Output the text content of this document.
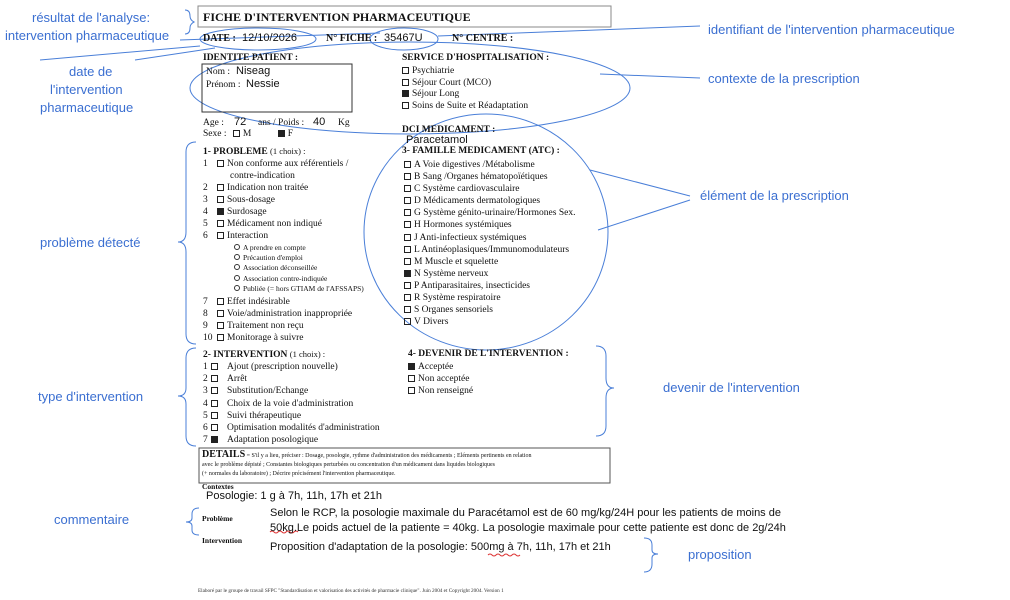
résultat de l'analyse:
intervention pharmaceutique	identifiant de l'intervention pharmaceutique
date de
l'intervention
pharmaceutique
contexte de la prescription
élément de la prescription
problème détecté
devenir de l'intervention
type d'intervention
commentaire
proposition
FICHE D'INTERVENTION PHARMACEUTIQUE
DATE : 12/10/2026	N° FICHE : 35467U	N° CENTRE :
IDENTITE PATIENT :
Nom : Niseag
Prénom : Nessie
Age : 72 ans / Poids : 40 Kg
Sexe : M	F
SERVICE D'HOSPITALISATION :
Psychiatrie
Séjour Court (MCO)
Séjour Long
Soins de Suite et Réadaptation
DCI MEDICAMENT :
Paracetamol
3- FAMILLE MEDICAMENT (ATC) :
A Voie digestives /Métabolisme
B Sang /Organes hématopoïétiques
C Système cardiovasculaire
D Médicaments dermatologiques
G Système génito-urinaire/Hormones Sex.
H Hormones systémiques
J Anti-infectieux systémiques
L Antinéoplasiques/Immunomodulateurs
M Muscle et squelette
N Système nerveux
P Antiparasitaires, insecticides
R Système respiratoire
S Organes sensoriels
V Divers
1- PROBLEME (1 choix) :
1 Non conforme aux référentiels /
contre-indication
2 Indication non traitée
3 Sous-dosage
4 Surdosage
5 Médicament non indiqué
6 Interaction
A prendre en compte
Précaution d'emploi
Association déconseillée
Association contre-indiquée
Publiée (= hors GTIAM de l'AFSSAPS)
7 Effet indésirable
8 Voie/administration inappropriée
9 Traitement non reçu
10 Monitorage à suivre
2- INTERVENTION (1 choix) :
1 Ajout (prescription nouvelle)
2 Arrêt
3 Substitution/Echange
4 Choix de la voie d'administration
5 Suivi thérapeutique
6 Optimisation modalités d'administration
7 Adaptation posologique
4- DEVENIR DE L'INTERVENTION :
Acceptée
Non acceptée
Non renseigné
DETAILS = S'il y a lieu, préciser : Dosage, posologie, rythme d'administration des médicaments ; Eléments pertinents en relation
avec le problème dépisté ; Constantes biologiques perturbées ou concentration d'un médicament dans liquides biologiques
(+ normales du laboratoire) ; Décrire précisément l'intervention pharmaceutique.
Contextes
Posologie: 1 g à 7h, 11h, 17h et 21h
Problème	Selon le RCP, la posologie maximale du Paracétamol est de 60 mg/kg/24H pour les patients de moins de
50kg.Le poids actuel de la patiente = 40kg. La posologie maximale pour cette patiente est donc de 2g/24h
Intervention
Proposition d'adaptation de la posologie: 500mg à 7h, 11h, 17h et 21h
Elaboré par le groupe de travail SFPC "Standardisation et valorisation des activités de pharmacie clinique". Juin 2004 et Copyright 2004. Version 1
